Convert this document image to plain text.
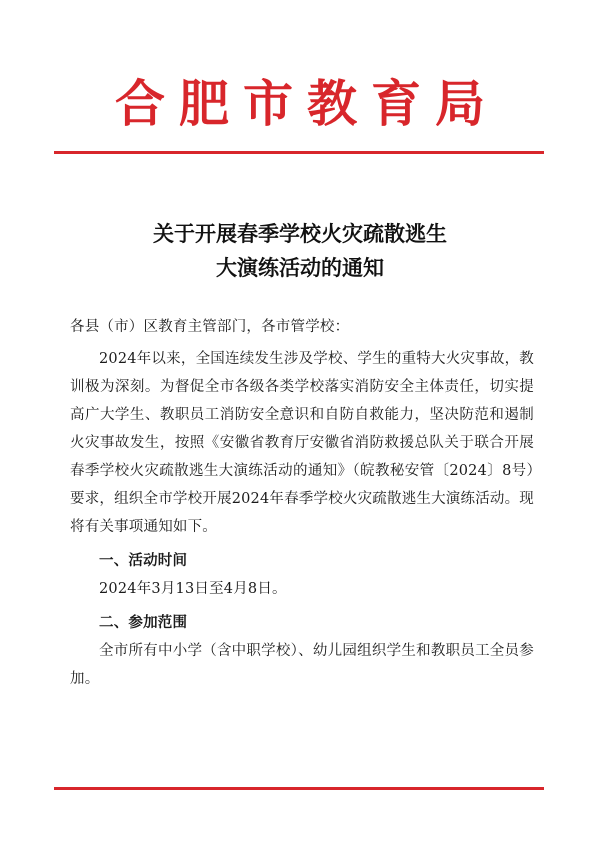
合肥市教育局
关于开展春季学校火灾疏散逃生
大演练活动的通知

各县（市）区教育主管部门，各市管学校：

2024年以来，全国连续发生涉及学校、学生的重特大火灾事故，教训极为深刻。为督促全市各级各类学校落实消防安全主体责任，切实提高广大学生、教职员工消防安全意识和自防自救能力，坚决防范和遏制火灾事故发生，按照《安徽省教育厅安徽省消防救援总队关于联合开展春季学校火灾疏散逃生大演练活动的通知》（皖教秘安管〔2024〕8号）要求，组织全市学校开展2024年春季学校火灾疏散逃生大演练活动。现将有关事项通知如下。

一、活动时间

2024年3月13日至4月8日。

二、参加范围

全市所有中小学（含中职学校）、幼儿园组织学生和教职员工全员参加。
